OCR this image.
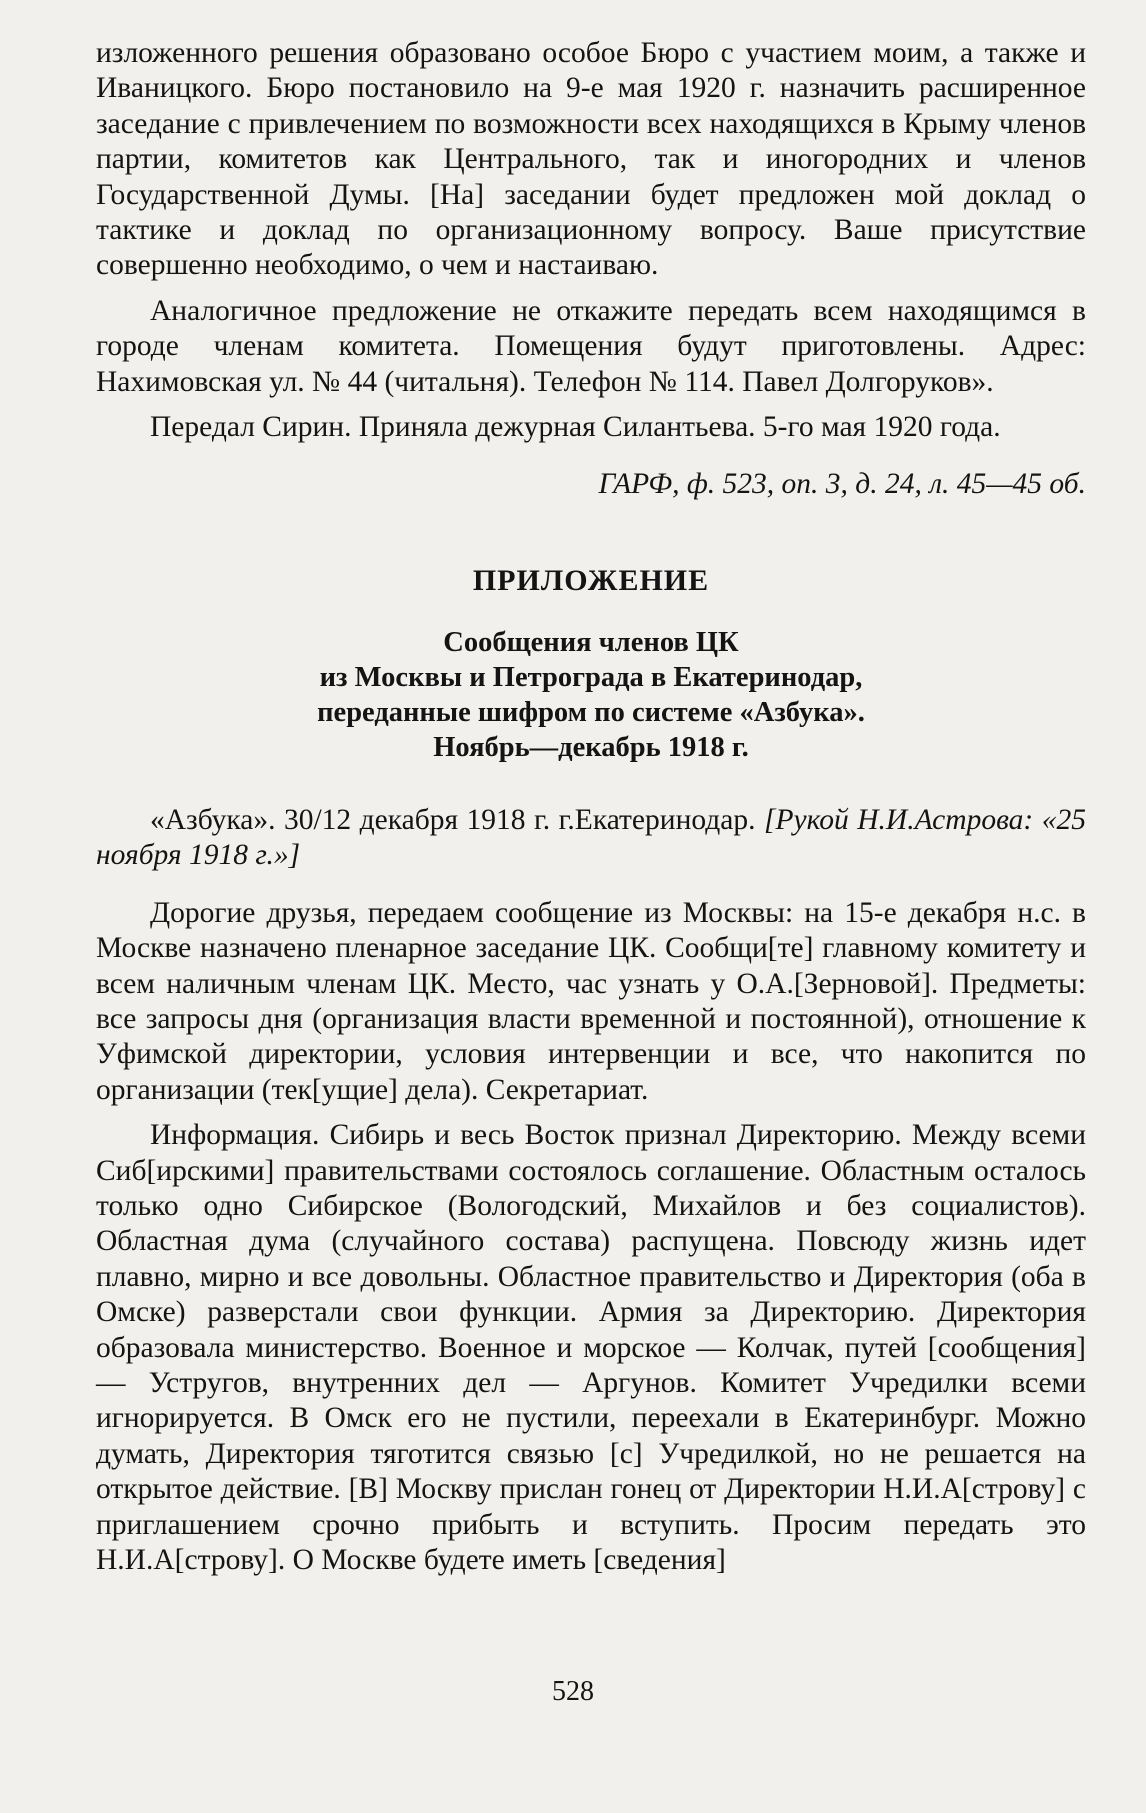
изложенного решения образовано особое Бюро с участием моим, а также и Иваницкого. Бюро постановило на 9-е мая 1920 г. назначить расширенное заседание с привлечением по возможности всех находящихся в Крыму членов партии, комитетов как Центрального, так и иногородних и членов Государственной Думы. [На] заседании будет предложен мой доклад о тактике и доклад по организационному вопросу. Ваше присутствие совершенно необходимо, о чем и настаиваю.

Аналогичное предложение не откажите передать всем находящимся в городе членам комитета. Помещения будут приготовлены. Адрес: Нахимовская ул. № 44 (читальня). Телефон № 114. Павел Долгоруков».

Передал Сирин. Приняла дежурная Силантьева. 5-го мая 1920 года.

ГАРФ, ф. 523, оп. 3, д. 24, л. 45—45 об.

ПРИЛОЖЕНИЕ
Сообщения членов ЦК
из Москвы и Петрограда в Екатеринодар,
переданные шифром по системе «Азбука».
Ноябрь—декабрь 1918 г.

«Азбука». 30/12 декабря 1918 г. г.Екатеринодар. [Рукой Н.И.Астрова: «25 ноября 1918 г.»]

Дорогие друзья, передаем сообщение из Москвы: на 15-е декабря н.с. в Москве назначено пленарное заседание ЦК. Сообщи[те] главному комитету и всем наличным членам ЦК. Место, час узнать у О.А.[Зерновой]. Предметы: все запросы дня (организация власти временной и постоянной), отношение к Уфимской директории, условия интервенции и все, что накопится по организации (тек[ущие] дела). Секретариат.

Информация. Сибирь и весь Восток признал Директорию. Между всеми Сиб[ирскими] правительствами состоялось соглашение. Областным осталось только одно Сибирское (Вологодский, Михайлов и без социалистов). Областная дума (случайного состава) распущена. Повсюду жизнь идет плавно, мирно и все довольны. Областное правительство и Директория (оба в Омске) разверстали свои функции. Армия за Директорию. Директория образовала министерство. Военное и морское — Колчак, путей [сообщения] — Устругов, внутренних дел — Аргунов. Комитет Учредилки всеми игнорируется. В Омск его не пустили, переехали в Екатеринбург. Можно думать, Директория тяготится связью [с] Учредилкой, но не решается на открытое действие. [В] Москву прислан гонец от Директории Н.И.А[строву] с приглашением срочно прибыть и вступить. Просим передать это Н.И.А[строву]. О Москве будете иметь [сведения]

528
